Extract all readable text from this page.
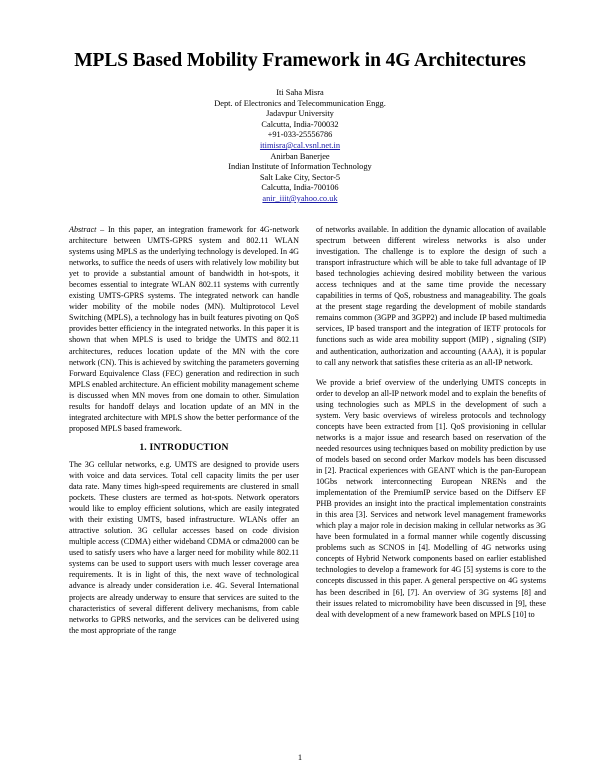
MPLS Based Mobility Framework in 4G Architectures
Iti Saha Misra
Dept. of Electronics and Telecommunication Engg.
Jadavpur University
Calcutta, India-700032
+91-033-25556786
itimisra@cal.vsnl.net.in
Anirban Banerjee
Indian Institute of Information Technology
Salt Lake City, Sector-5
Calcutta, India-700106
anir_iiit@yahoo.co.uk

Abstract – In this paper, an integration framework for 4G-network architecture between UMTS-GPRS system and 802.11 WLAN systems using MPLS as the underlying technology is developed. In 4G networks, to suffice the needs of users with relatively low mobility but yet to provide a substantial amount of bandwidth in hot-spots, it becomes essential to integrate WLAN 802.11 systems with currently existing UMTS-GPRS systems. The integrated network can handle wider mobility of the mobile nodes (MN). Multiprotocol Level Switching (MPLS), a technology has in built features pivoting on QoS provides better efficiency in the integrated networks. In this paper it is shown that when MPLS is used to bridge the UMTS and 802.11 architectures, reduces location update of the MN with the core network (CN). This is achieved by switching the parameters governing Forward Equivalence Class (FEC) generation and redirection in such MPLS enabled architecture. An efficient mobility management scheme is discussed when MN moves from one domain to other. Simulation results for handoff delays and location update of an MN in the integrated architecture with MPLS show the better performance of the proposed MPLS based framework.

1. INTRODUCTION

The 3G cellular networks, e.g. UMTS are designed to provide users with voice and data services. Total cell capacity limits the per user data rate. Many times high-speed requirements are clustered in small pockets. These clusters are termed as hot-spots. Network operators would like to employ efficient solutions, which are easily integrated with their existing UMTS, based infrastructure. WLANs offer an attractive solution. 3G cellular accesses based on code division multiple access (CDMA) either wideband CDMA or cdma2000 can be used to satisfy users who have a larger need for mobility while 802.11 systems can be used to support users with much lesser coverage area requirements. It is in light of this, the next wave of technological advance is already under consideration i.e. 4G. Several International projects are already underway to ensure that services are suited to the characteristics of several different delivery mechanisms, from cable networks to GPRS networks, and the services can be delivered using the most appropriate of the range

of networks available. In addition the dynamic allocation of available spectrum between different wireless networks is also under investigation. The challenge is to explore the design of such a transport infrastructure which will be able to take full advantage of IP based technologies achieving desired mobility between the various access techniques and at the same time provide the necessary capabilities in terms of QoS, robustness and manageability. The goals at the present stage regarding the development of mobile standards remains common (3GPP and 3GPP2) and include IP based multimedia services, IP based transport and the integration of IETF protocols for functions such as wide area mobility support (MIP) , signaling (SIP) and authentication, authorization and accounting (AAA), it is popular to call any network that satisfies these criteria as an all-IP network.

We provide a brief overview of the underlying UMTS concepts in order to develop an all-IP network model and to explain the benefits of using technologies such as MPLS in the development of such a system. Very basic overviews of wireless protocols and technology concepts have been extracted from [1]. QoS provisioning in cellular networks is a major issue and research based on reservation of the needed resources using techniques based on mobility prediction by use of models based on second order Markov models has been discussed in [2]. Practical experiences with GEANT which is the pan-European 10Gbs network interconnecting European NRENs and the implementation of the PremiumIP service based on the Diffserv EF PHB provides an insight into the practical implementation constraints in this area [3]. Services and network level management frameworks which play a major role in decision making in cellular networks as 3G have been formulated in a formal manner while cogently discussing problems such as SCNOS in [4]. Modelling of 4G networks using concepts of Hybrid Network components based on earlier established technologies to develop a framework for 4G [5] systems is core to the concepts discussed in this paper. A general perspective on 4G systems has been described in [6], [7]. An overview of 3G systems [8] and their issues related to micromobility have been discussed in [9], these deal with development of a new framework based on MPLS [10] to

1
